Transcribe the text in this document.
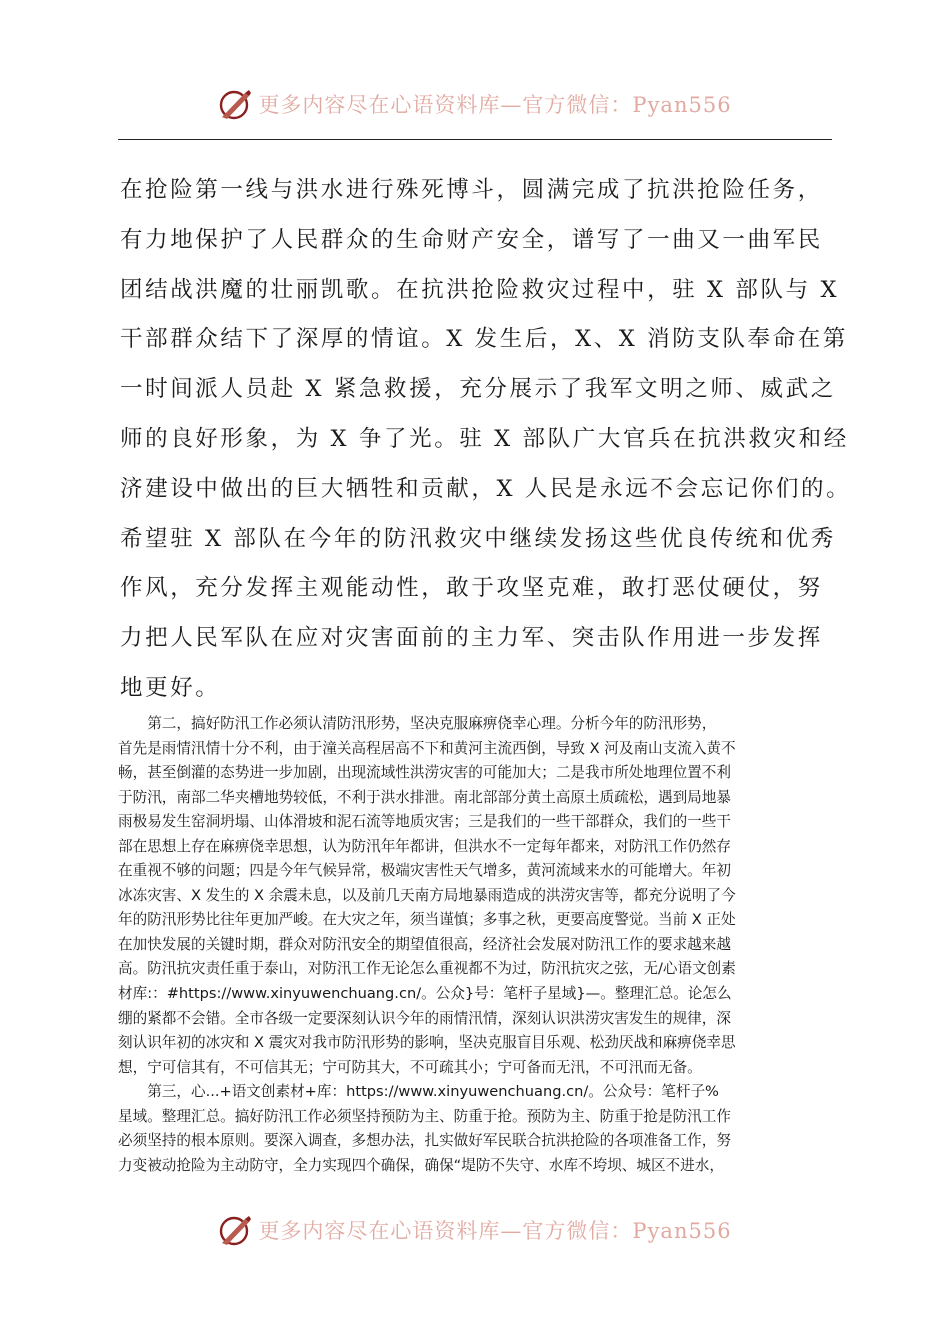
更多内容尽在心语资料库—官方微信：Pyan556
在抢险第一线与洪水进行殊死博斗，圆满完成了抗洪抢险任务，
有力地保护了人民群众的生命财产安全，谱写了一曲又一曲军民
团结战洪魔的壮丽凯歌。在抗洪抢险救灾过程中，驻 X 部队与 X
干部群众结下了深厚的情谊。X 发生后，X、X 消防支队奉命在第
一时间派人员赴 X 紧急救援，充分展示了我军文明之师、威武之
师的良好形象，为 X 争了光。驻 X 部队广大官兵在抗洪救灾和经
济建设中做出的巨大牺牲和贡献，X 人民是永远不会忘记你们的。
希望驻 X 部队在今年的防汛救灾中继续发扬这些优良传统和优秀
作风，充分发挥主观能动性，敢于攻坚克难，敢打恶仗硬仗，努
力把人民军队在应对灾害面前的主力军、突击队作用进一步发挥
地更好。
　　第二，搞好防汛工作必须认清防汛形势，坚决克服麻痹侥幸心理。分析今年的防汛形势，
首先是雨情汛情十分不利，由于潼关高程居高不下和黄河主流西倒，导致 X 河及南山支流入黄不
畅，甚至倒灌的态势进一步加剧，出现流域性洪涝灾害的可能加大；二是我市所处地理位置不利
于防汛，南部二华夹槽地势较低，不利于洪水排泄。南北部部分黄土高原土质疏松，遇到局地暴
雨极易发生窑洞坍塌、山体滑坡和泥石流等地质灾害；三是我们的一些干部群众，我们的一些干
部在思想上存在麻痹侥幸思想，认为防汛年年都讲，但洪水不一定每年都来，对防汛工作仍然存
在重视不够的问题；四是今年气候异常，极端灾害性天气增多，黄河流域来水的可能增大。年初
冰冻灾害、X 发生的 X 余震未息，以及前几天南方局地暴雨造成的洪涝灾害等，都充分说明了今
年的防汛形势比往年更加严峻。在大灾之年，须当谨慎；多事之秋，更要高度警觉。当前 X 正处
在加快发展的关键时期，群众对防汛安全的期望值很高，经济社会发展对防汛工作的要求越来越
高。防汛抗灾责任重于泰山，对防汛工作无论怎么重视都不为过，防汛抗灾之弦，无/心语文创素
材库:：#https://www.xinyuwenchuang.cn/。公众}号：笔杆子星域}—。整理汇总。论怎么
绷的紧都不会错。全市各级一定要深刻认识今年的雨情汛情，深刻认识洪涝灾害发生的规律，深
刻认识年初的冰灾和 X 震灾对我市防汛形势的影响，坚决克服盲目乐观、松劲厌战和麻痹侥幸思
想，宁可信其有，不可信其无；宁可防其大，不可疏其小；宁可备而无汛，不可汛而无备。
　　第三，心...+语文创素材+库：https://www.xinyuwenchuang.cn/。公众号：笔杆子%
星域。整理汇总。搞好防汛工作必须坚持预防为主、防重于抢。预防为主、防重于抢是防汛工作
必须坚持的根本原则。要深入调查，多想办法，扎实做好军民联合抗洪抢险的各项准备工作，努
力变被动抢险为主动防守，全力实现四个确保，确保“堤防不失守、水库不垮坝、城区不进水，
更多内容尽在心语资料库—官方微信：Pyan556
